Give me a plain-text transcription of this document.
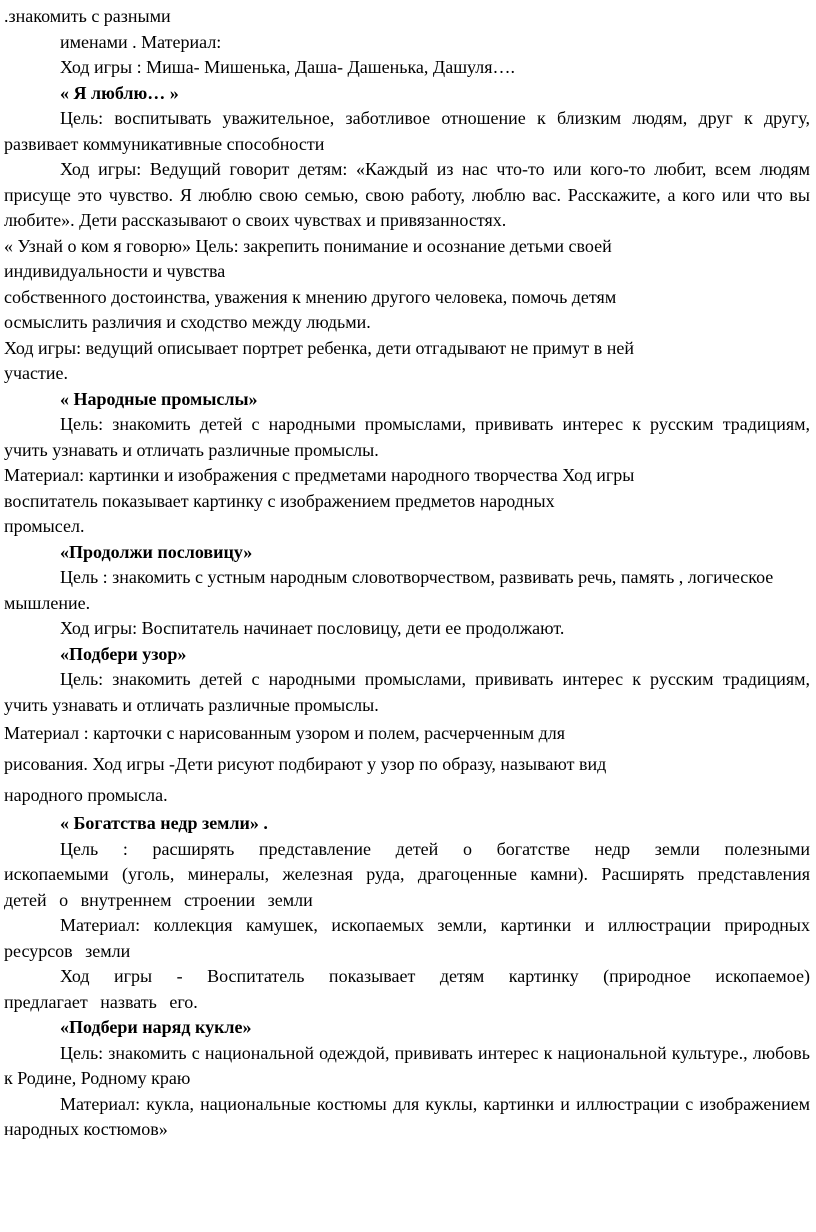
.знакомить с разными

именами . Материал:

Ход игры : Миша- Мишенька, Даша- Дашенька, Дашуля….

« Я люблю… »

Цель: воспитывать уважительное, заботливое отношение к близким людям, друг к другу, развивает коммуникативные способности

Ход игры: Ведущий говорит детям: «Каждый из нас что-то или кого-то любит, всем людям присуще это чувство. Я люблю свою семью, свою работу, люблю вас. Расскажите, а кого или что вы любите». Дети рассказывают о своих чувствах и привязанностях.

« Узнай о ком я говорю» Цель: закрепить понимание и осознание детьми своей

индивидуальности и чувства

собственного достоинства, уважения к мнению другого человека, помочь детям

осмыслить различия и сходство между людьми.

Ход игры: ведущий описывает портрет ребенка, дети отгадывают не примут в ней

участие.

« Народные промыслы»

Цель: знакомить детей с народными промыслами, прививать интерес к русским традициям, учить узнавать и отличать различные промыслы.

Материал: картинки и изображения с предметами народного творчества Ход игры

воспитатель показывает картинку с изображением предметов народных

промысел.

«Продолжи пословицу»

Цель : знакомить с устным народным словотворчеством, развивать речь, память , логическое мышление.

Ход игры: Воспитатель начинает пословицу, дети ее продолжают.

«Подбери узор»

Цель: знакомить детей с народными промыслами, прививать интерес к русским традициям, учить узнавать и отличать различные промыслы.

Материал : карточки с нарисованным узором и полем, расчерченным для

рисования. Ход игры -Дети рисуют подбирают у узор по образу, называют вид

народного промысла.

« Богатства недр земли» .

Цель : расширять представление детей о богатстве недр земли полезными ископаемыми (уголь, минералы, железная руда, драгоценные камни). Расширять представления детей о внутреннем строении земли

Материал: коллекция камушек, ископаемых земли, картинки и иллюстрации природных ресурсов земли

Ход игры - Воспитатель показывает детям картинку (природное ископаемое) предлагает назвать его.

«Подбери наряд кукле»

Цель: знакомить с национальной одеждой, прививать интерес к национальной культуре., любовь к Родине, Родному краю

Материал: кукла, национальные костюмы для куклы, картинки и иллюстрации с изображением народных костюмов»
